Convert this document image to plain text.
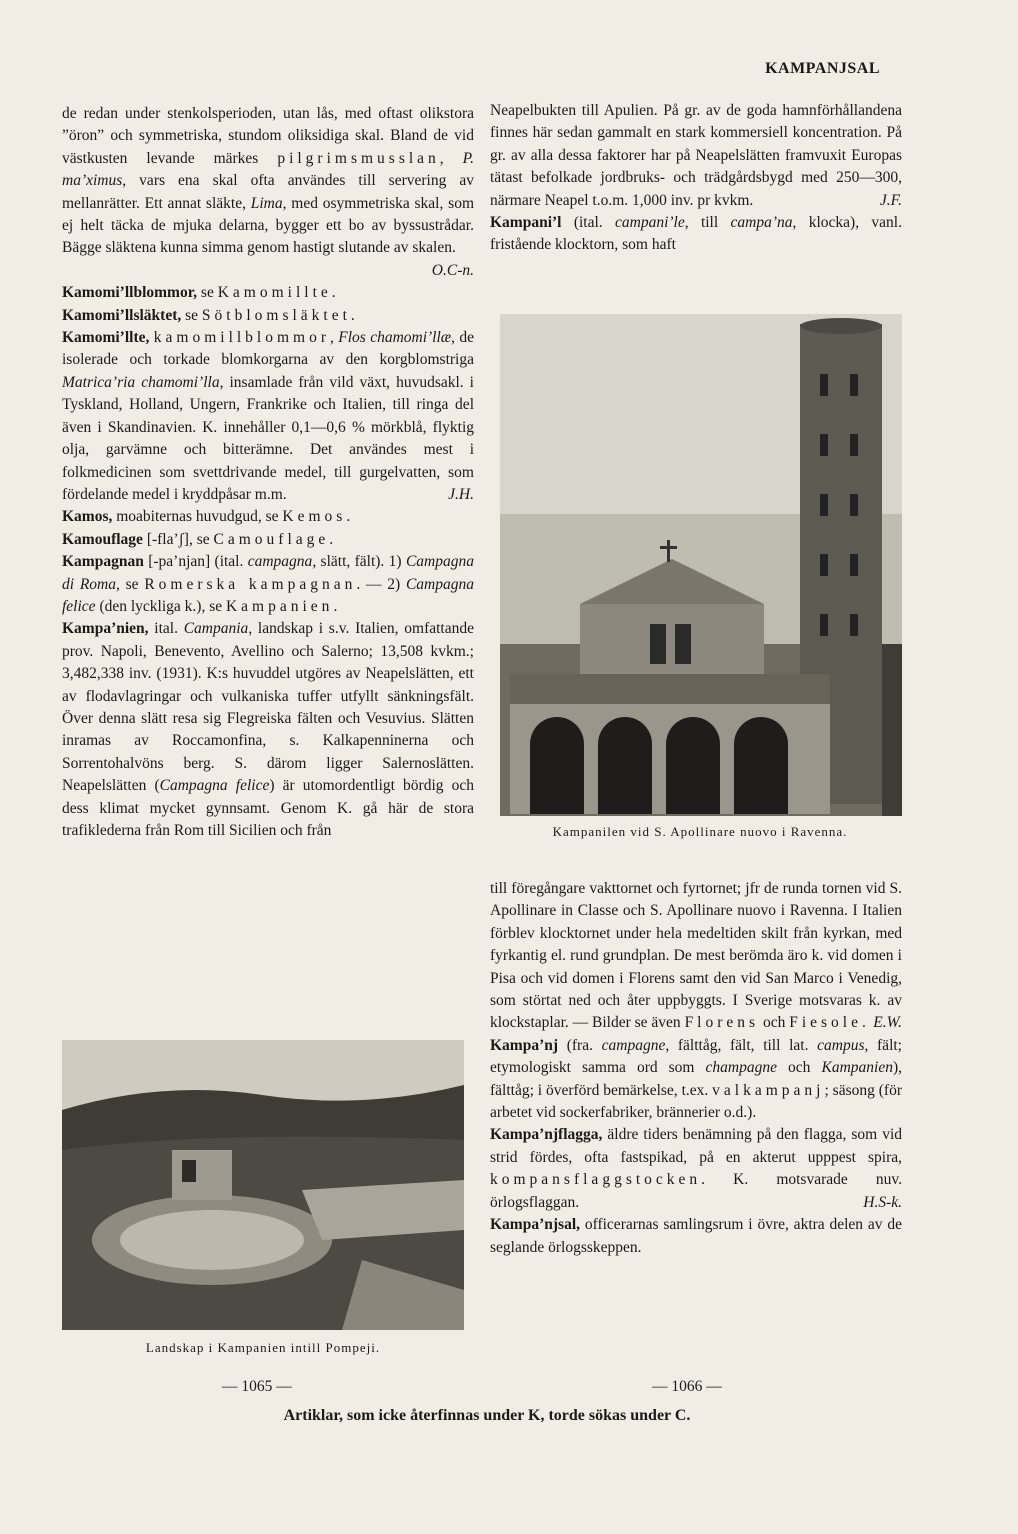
KAMPANJSAL

de redan under stenkolsperioden, utan lås, med oftast olikstora ”öron” och symmetriska, stundom oliksidiga skal. Bland de vid västkusten levande märkes pilgrimsmusslan, P. ma’ximus, vars ena skal ofta användes till servering av mellanrätter. Ett annat släkte, Lima, med osymmetriska skal, som ej helt täcka de mjuka delarna, bygger ett bo av byssustrådar. Bägge släktena kunna simma genom hastigt slutande av skalen.
O.C-n.

Kamomi’llblommor, se Kamomillte.

Kamomi’llsläktet, se Sötblomsläktet.

Kamomi’llte, kamomillblommor, Flos chamomi’llæ, de isolerade och torkade blomkorgarna av den korgblomstriga Matrica’ria chamomi’lla, insamlade från vild växt, huvudsakl. i Tyskland, Holland, Ungern, Frankrike och Italien, till ringa del även i Skandinavien. K. innehåller 0,1—0,6 % mörkblå, flyktig olja, garvämne och bitterämne. Det användes mest i folkmedicinen som svettdrivande medel, till gurgelvatten, som fördelande medel i kryddpåsar m.m.	J.H.

Kamos, moabiternas huvudgud, se Kemos.

Kamouflage [-fla’ʃ], se Camouflage.

Kampagnan [-pa’njan] (ital. campagna, slätt, fält). 1) Campagna di Roma, se Romerska kampagnan. — 2) Campagna felice (den lyckliga k.), se Kampanien.

Kampa’nien, ital. Campania, landskap i s.v. Italien, omfattande prov. Napoli, Benevento, Avellino och Salerno; 13,508 kvkm.; 3,482,338 inv. (1931). K:s huvuddel utgöres av Neapelslätten, ett av flodavlagringar och vulkaniska tuffer utfyllt sänkningsfält. Över denna slätt resa sig Flegreiska fälten och Vesuvius. Slätten inramas av Roccamonfina, s. Kalkapenninerna och Sorrentohalvöns berg. S. därom ligger Salernoslätten. Neapelslätten (Campagna felice) är utomordentligt bördig och dess klimat mycket gynnsamt. Genom K. gå här de stora trafiklederna från Rom till Sicilien och från

Neapelbukten till Apulien. På gr. av de goda hamnförhållandena finnes här sedan gammalt en stark kommersiell koncentration. På gr. av alla dessa faktorer har på Neapelslätten framvuxit Europas tätast befolkade jordbruks- och trädgårdsbygd med 250—300, närmare Neapel t.o.m. 1,000 inv. pr kvkm.	J.F.

Kampani’l (ital. campani’le, till campa’na, klocka), vanl. fristående klocktorn, som haft

till föregångare vakttornet och fyrtornet; jfr de runda tornen vid S. Apollinare in Classe och S. Apollinare nuovo i Ravenna. I Italien förblev klocktornet under hela medeltiden skilt från kyrkan, med fyrkantig el. rund grundplan. De mest berömda äro k. vid domen i Pisa och vid domen i Florens samt den vid San Marco i Venedig, som störtat ned och åter uppbyggts. I Sverige motsvaras k. av klockstaplar. — Bilder se även Florens och Fiesole. E.W.

Kampa’nj (fra. campagne, fälttåg, fält, till lat. campus, fält; etymologiskt samma ord som champagne och Kampanien), fälttåg; i överförd bemärkelse, t.ex. valkampanj; säsong (för arbetet vid sockerfabriker, brännerier o.d.).

Kampa’njflagga, äldre tiders benämning på den flagga, som vid strid fördes, ofta fastspikad, på en akterut uppрest spira, kompansflaggstocken. K. motsvarade nuv. örlogsflaggan.	H.S-k.

Kampa’njsal, officerarnas samlingsrum i övre, aktra delen av de seglande örlogsskeppen.

Kampanilen vid S. Apollinare nuovo i Ravenna.
Landskap i Kampanien intill Pompeji.
— 1065 —	— 1066 —
Artiklar, som icke återfinnas under K, torde sökas under C.
